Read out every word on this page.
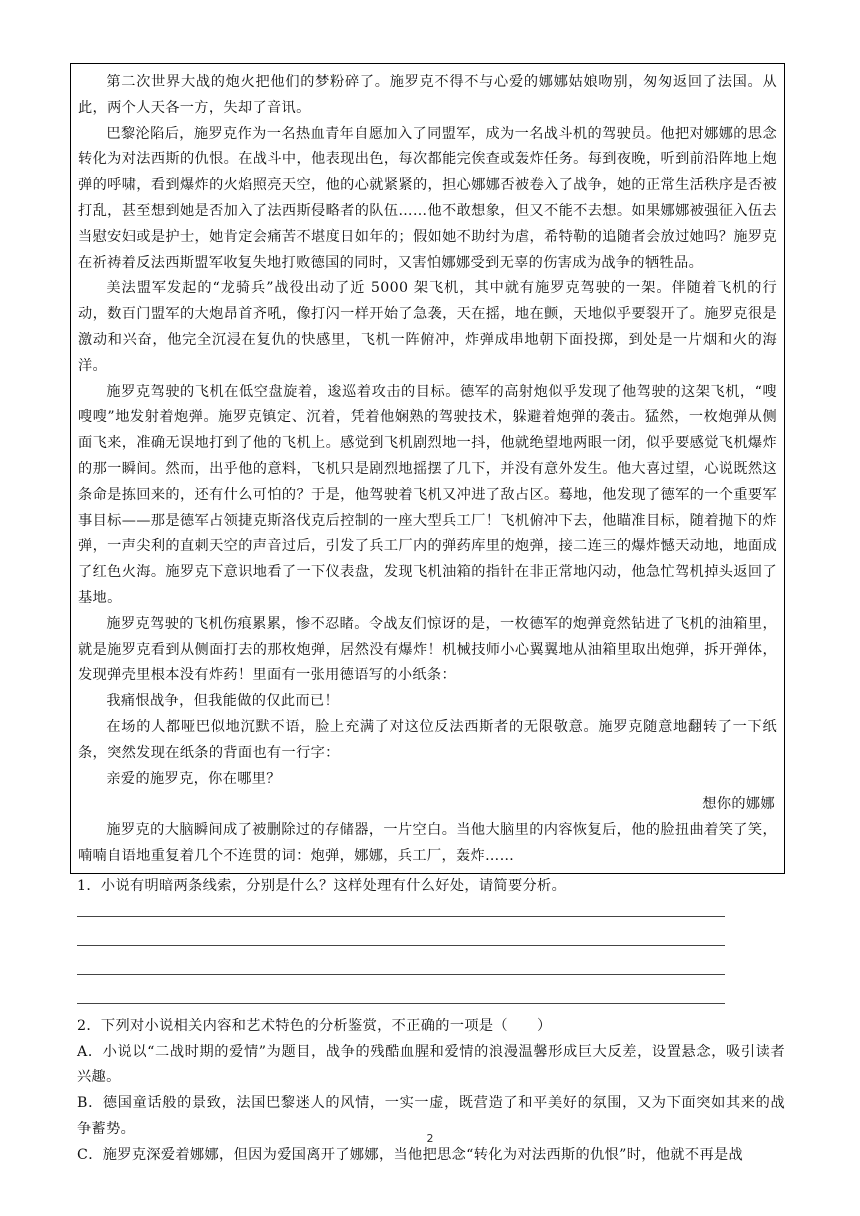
第二次世界大战的炮火把他们的梦粉碎了。施罗克不得不与心爱的娜娜姑娘吻别，匆匆返回了法国。从此，两个人天各一方，失却了音讯。

巴黎沦陷后，施罗克作为一名热血青年自愿加入了同盟军，成为一名战斗机的驾驶员。他把对娜娜的思念转化为对法西斯的仇恨。在战斗中，他表现出色，每次都能完俟查或轰炸任务。每到夜晚，听到前沿阵地上炮弹的呼啸，看到爆炸的火焰照亮天空，他的心就紧紧的，担心娜娜否被卷入了战争，她的正常生活秩序是否被打乱，甚至想到她是否加入了法西斯侵略者的队伍……他不敢想象，但又不能不去想。如果娜娜被强征入伍去当慰安妇或是护士，她肯定会痛苦不堪度日如年的；假如她不助纣为虐，希特勒的追随者会放过她吗？施罗克在祈祷着反法西斯盟军收复失地打败德国的同时，又害怕娜娜受到无辜的伤害成为战争的牺牲品。

美法盟军发起的“龙骑兵”战役出动了近 5000 架飞机，其中就有施罗克驾驶的一架。伴随着飞机的行动，数百门盟军的大炮昂首齐吼，像打闪一样开始了急袭，天在摇，地在颤，天地似乎要裂开了。施罗克很是激动和兴奋，他完全沉浸在复仇的快感里，飞机一阵俯冲，炸弹成串地朝下面投掷，到处是一片烟和火的海洋。

施罗克驾驶的飞机在低空盘旋着，逡巡着攻击的目标。德军的高射炮似乎发现了他驾驶的这架飞机，“嗖嗖嗖”地发射着炮弹。施罗克镇定、沉着，凭着他娴熟的驾驶技术，躲避着炮弹的袭击。猛然，一枚炮弹从侧面飞来，准确无误地打到了他的飞机上。感觉到飞机剧烈地一抖，他就绝望地两眼一闭，似乎要感觉飞机爆炸的那一瞬间。然而，出乎他的意料，飞机只是剧烈地摇摆了几下，并没有意外发生。他大喜过望，心说既然这条命是拣回来的，还有什么可怕的？于是，他驾驶着飞机又冲进了敌占区。蓦地，他发现了德军的一个重要军事目标——那是德军占领捷克斯洛伐克后控制的一座大型兵工厂！飞机俯冲下去，他瞄准目标，随着抛下的炸弹，一声尖利的直刺天空的声音过后，引发了兵工厂内的弹药库里的炮弹，接二连三的爆炸憾天动地，地面成了红色火海。施罗克下意识地看了一下仪表盘，发现飞机油箱的指针在非正常地闪动，他急忙驾机掉头返回了基地。

施罗克驾驶的飞机伤痕累累，惨不忍睹。令战友们惊讶的是，一枚德军的炮弹竟然钻进了飞机的油箱里，就是施罗克看到从侧面打去的那枚炮弹，居然没有爆炸！机械技师小心翼翼地从油箱里取出炮弹，拆开弹体，发现弹壳里根本没有炸药！里面有一张用德语写的小纸条：

我痛恨战争，但我能做的仅此而已！

在场的人都哑巴似地沉默不语，脸上充满了对这位反法西斯者的无限敬意。施罗克随意地翻转了一下纸条，突然发现在纸条的背面也有一行字：

亲爱的施罗克，你在哪里？

想你的娜娜

施罗克的大脑瞬间成了被删除过的存储器，一片空白。当他大脑里的内容恢复后，他的脸扭曲着笑了笑，喃喃自语地重复着几个不连贯的词：炮弹，娜娜，兵工厂，轰炸……

1．小说有明暗两条线索，分别是什么？这样处理有什么好处，请简要分析。

2．下列对小说相关内容和艺术特色的分析鉴赏，不正确的一项是（　　）

A．小说以“二战时期的爱情”为题目，战争的残酷血腥和爱情的浪漫温馨形成巨大反差，设置悬念，吸引读者兴趣。

B．德国童话般的景致，法国巴黎迷人的风情，一实一虚，既营造了和平美好的氛围，又为下面突如其来的战争蓄势。

C．施罗克深爱着娜娜，但因为爱国离开了娜娜，当他把思念“转化为对法西斯的仇恨”时，他就不再是战

2
